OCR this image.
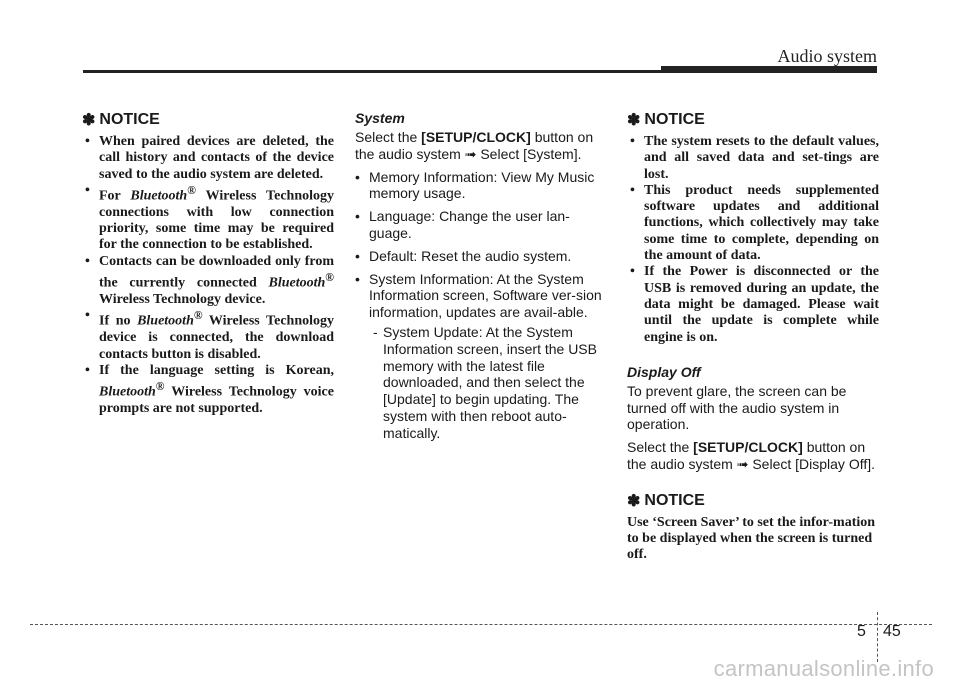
Audio system
✽ NOTICE
• When paired devices are deleted, the call history and contacts of the device saved to the audio system are deleted.
• For Bluetooth® Wireless Technology connections with low connection priority, some time may be required for the connection to be established.
• Contacts can be downloaded only from the currently connected Bluetooth® Wireless Technology device.
• If no Bluetooth® Wireless Technology device is connected, the download contacts button is disabled.
• If the language setting is Korean, Bluetooth® Wireless Technology voice prompts are not supported.
System

Select the [SETUP/CLOCK] button on the audio system ➟ Select [System].

• Memory Information: View My Music memory usage.
• Language: Change the user lan-guage.
• Default: Reset the audio system.
• System Information: At the System Information screen, Software ver-sion information, updates are avail-able.
- System Update: At the System Information screen, insert the USB memory with the latest file downloaded, and then select the [Update] to begin updating. The system with then reboot auto-matically.
✽ NOTICE
• The system resets to the default values, and all saved data and set-tings are lost.
• This product needs supplemented software updates and additional functions, which collectively may take some time to complete, depending on the amount of data.
• If the Power is disconnected or the USB is removed during an update, the data might be damaged. Please wait until the update is complete while engine is on.
Display Off

To prevent glare, the screen can be turned off with the audio system in operation.

Select the [SETUP/CLOCK] button on the audio system ➟ Select [Display Off].

✽ NOTICE

Use ‘Screen Saver’ to set the infor-mation to be displayed when the screen is turned off.

5 45
carmanualsonline.info
